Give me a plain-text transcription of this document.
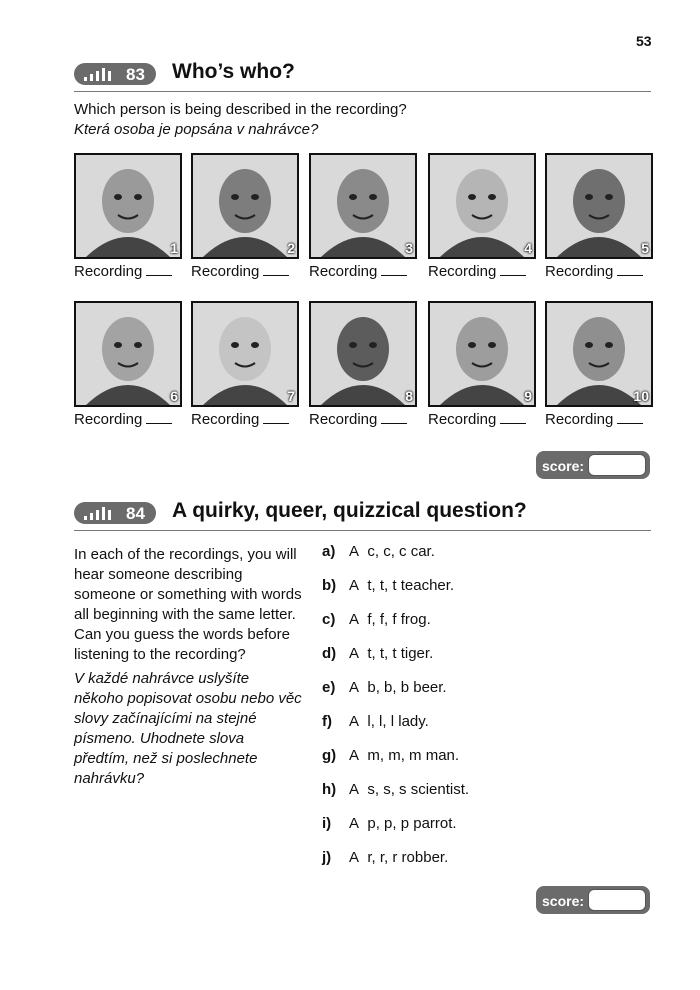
53
83 Who’s who?
Which person is being described in the recording?
Která osoba je popsána v nahrávce?
1
Recording
2
Recording
3
Recording
4
Recording
5
Recording
6
Recording
7
Recording
8
Recording
9
Recording
10
Recording
score:
84 A quirky, queer, quizzical question?

In each of the recordings, you will hear someone describing someone or something with words all beginning with the same letter. Can you guess the words before listening to the recording?

V každé nahrávce uslyšíte někoho popisovat osobu nebo věc slovy začínajícími na stejné písmeno. Uhodnete slova předtím, než si poslechnete nahrávku?

a) A  c, c, c car.
b) A  t, t, t teacher.
c) A  f, f, f frog.
d) A  t, t, t tiger.
e) A  b, b, b beer.
f) A  l, l, l lady.
g) A  m, m, m man.
h) A  s, s, s scientist.
i) A  p, p, p parrot.
j) A  r, r, r robber.
score:
